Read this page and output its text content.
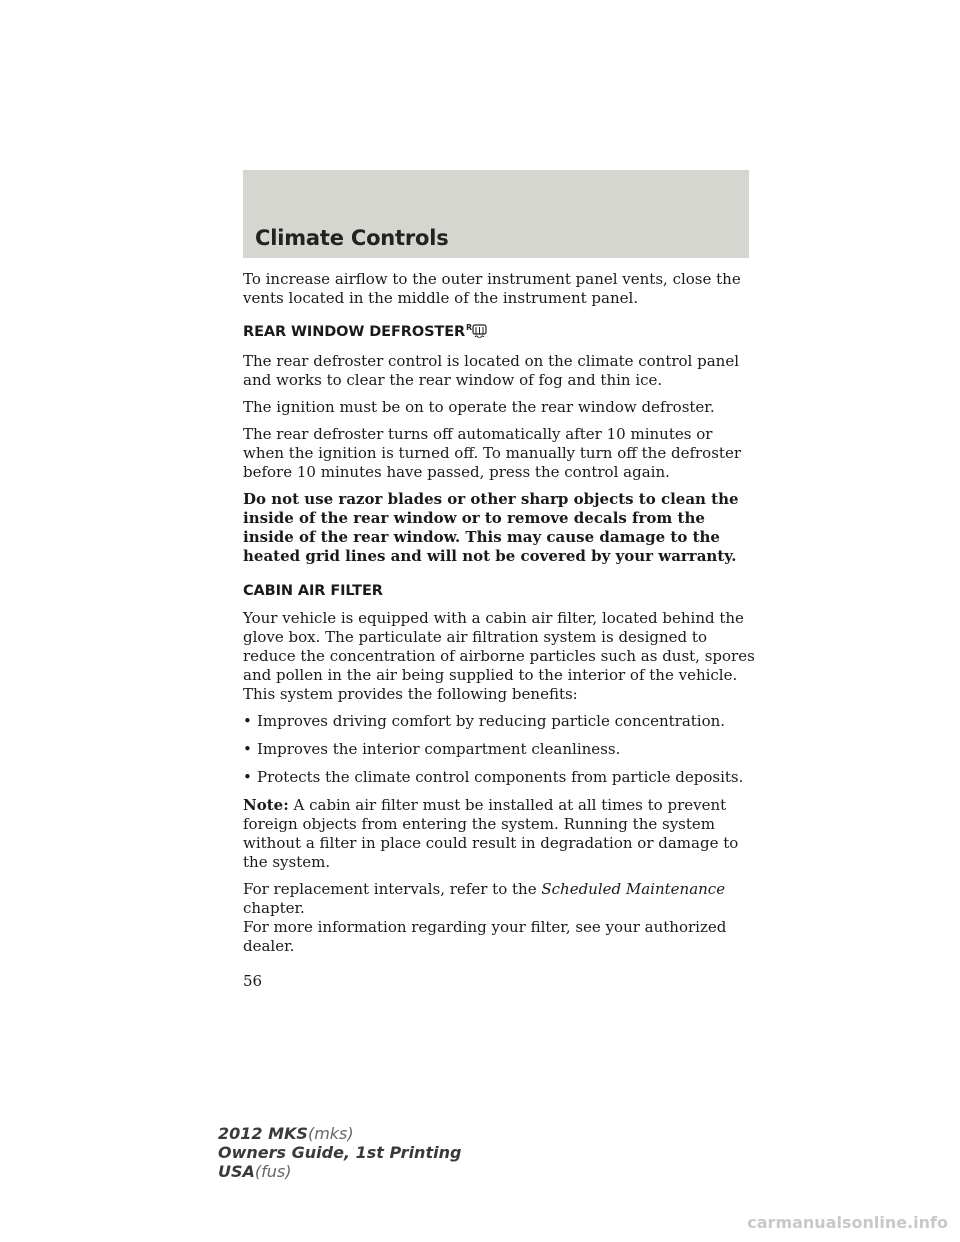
Climate Controls

To increase airflow to the outer instrument panel vents, close the vents located in the middle of the instrument panel.

REAR WINDOW DEFROSTER R

The rear defroster control is located on the climate control panel and works to clear the rear window of fog and thin ice.

The ignition must be on to operate the rear window defroster.

The rear defroster turns off automatically after 10 minutes or when the ignition is turned off. To manually turn off the defroster before 10 minutes have passed, press the control again.

Do not use razor blades or other sharp objects to clean the inside of the rear window or to remove decals from the inside of the rear window. This may cause damage to the heated grid lines and will not be covered by your warranty.

CABIN AIR FILTER

Your vehicle is equipped with a cabin air filter, located behind the glove box. The particulate air filtration system is designed to reduce the concentration of airborne particles such as dust, spores and pollen in the air being supplied to the interior of the vehicle. This system provides the following benefits:

• Improves driving comfort by reducing particle concentration.
• Improves the interior compartment cleanliness.
• Protects the climate control components from particle deposits.

Note: A cabin air filter must be installed at all times to prevent foreign objects from entering the system. Running the system without a filter in place could result in degradation or damage to the system.

For replacement intervals, refer to the Scheduled Maintenance chapter.
For more information regarding your filter, see your authorized dealer.

56
2012 MKS(mks)
Owners Guide, 1st Printing
USA(fus)
carmanualsonline.info
